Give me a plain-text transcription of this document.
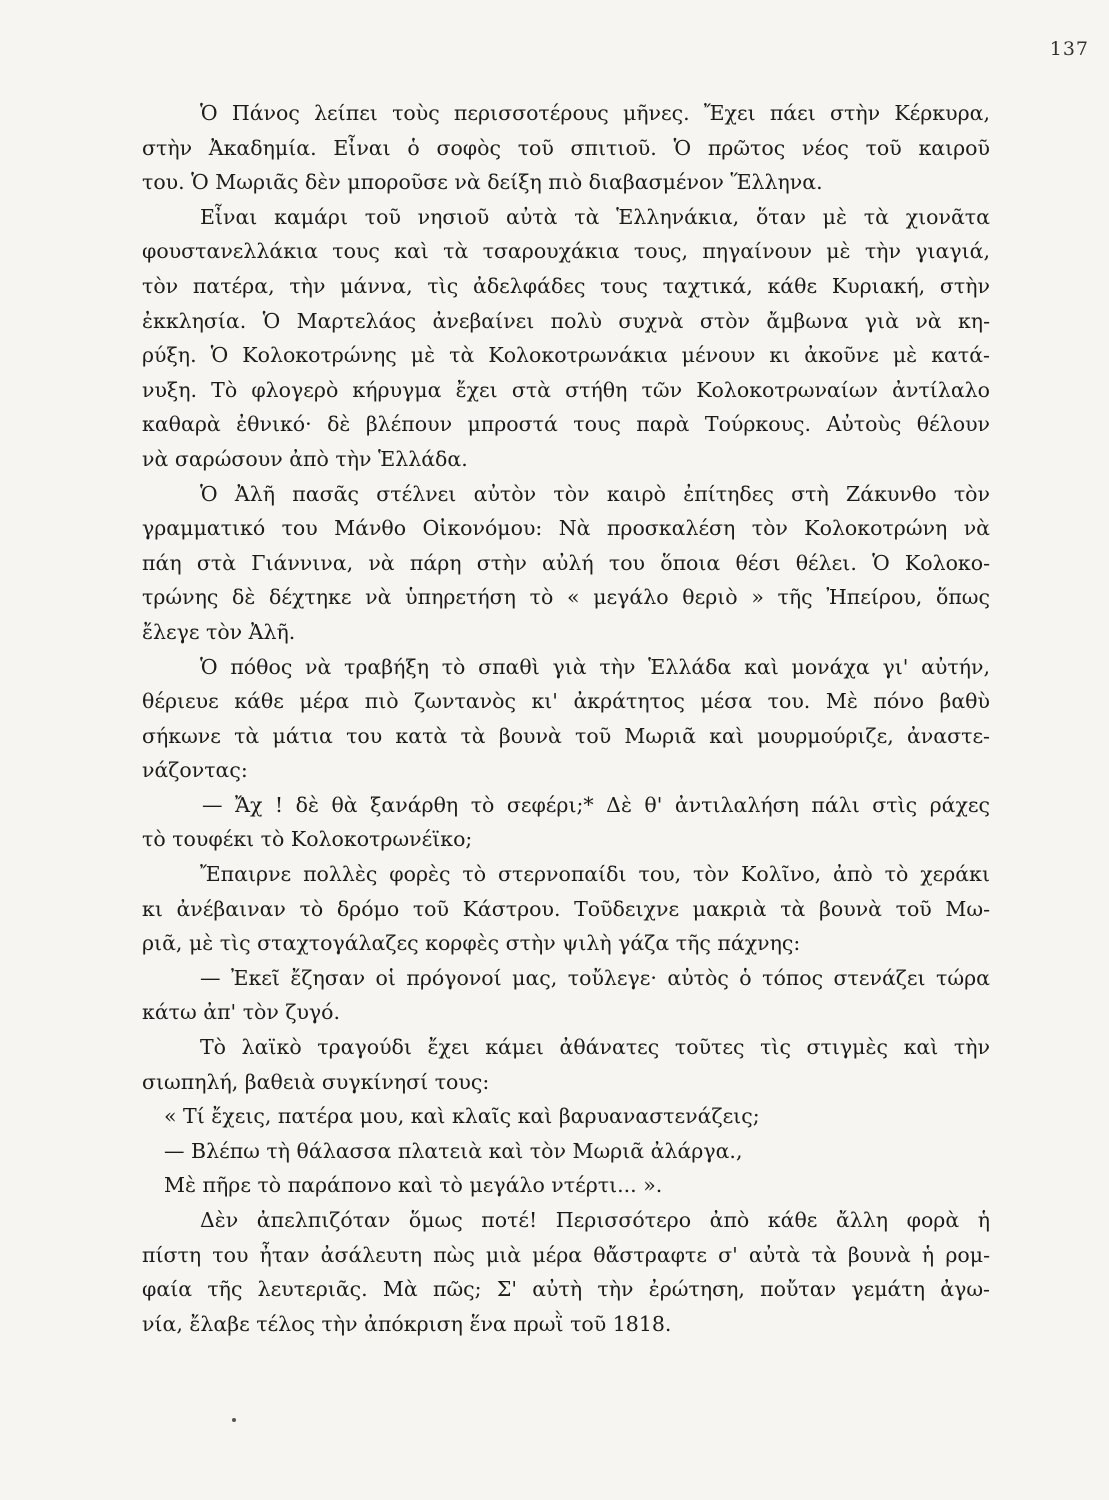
137
Ὁ Πάνος λείπει τοὺς περισσοτέρους μῆνες. Ἔχει πάει στὴν Κέρκυρα,
στὴν Ἀκαδημία. Εἶναι ὁ σοφὸς τοῦ σπιτιοῦ. Ὁ πρῶτος νέος τοῦ καιροῦ
του. Ὁ Μωριᾶς δὲν μποροῦσε νὰ δείξη πιὸ διαβασμένον Ἕλληνα.
Εἶναι καμάρι τοῦ νησιοῦ αὐτὰ τὰ Ἑλληνάκια, ὅταν μὲ τὰ χιονᾶτα
φουστανελλάκια τους καὶ τὰ τσαρουχάκια τους, πηγαίνουν μὲ τὴν γιαγιά,
τὸν πατέρα, τὴν μάννα, τὶς ἀδελφάδες τους ταχτικά, κάθε Κυριακή, στὴν
ἐκκλησία. Ὁ Μαρτελάος ἀνεβαίνει πολὺ συχνὰ στὸν ἄμβωνα γιὰ νὰ κη-
ρύξη. Ὁ Κολοκοτρώνης μὲ τὰ Κολοκοτρωνάκια μένουν κι ἀκοῦνε μὲ κατά-
νυξη. Τὸ φλογερὸ κήρυγμα ἔχει στὰ στήθη τῶν Κολοκοτρωναίων ἀντίλαλο
καθαρὰ ἐθνικό· δὲ βλέπουν μπροστά τους παρὰ Τούρκους. Αὐτοὺς θέλουν
νὰ σαρώσουν ἀπὸ τὴν Ἑλλάδα.
Ὁ Ἀλῆ πασᾶς στέλνει αὐτὸν τὸν καιρὸ ἐπίτηδες στὴ Ζάκυνθο τὸν
γραμματικό του Μάνθο Οἰκονόμου: Νὰ προσκαλέση τὸν Κολοκοτρώνη νὰ
πάη στὰ Γιάννινα, νὰ πάρη στὴν αὐλή του ὅποια θέσι θέλει. Ὁ Κολοκο-
τρώνης δὲ δέχτηκε νὰ ὑπηρετήση τὸ « μεγάλο θεριὸ » τῆς Ἠπείρου, ὅπως
ἔλεγε τὸν Ἀλῆ.
Ὁ πόθος νὰ τραβήξη τὸ σπαθὶ γιὰ τὴν Ἑλλάδα καὶ μονάχα γι' αὐτήν,
θέριευε κάθε μέρα πιὸ ζωντανὸς κι' ἀκράτητος μέσα του. Μὲ πόνο βαθὺ
σήκωνε τὰ μάτια του κατὰ τὰ βουνὰ τοῦ Μωριᾶ καὶ μουρμούριζε, ἀναστε-
νάζοντας:
— Ἄχ ! δὲ θὰ ξανάρθη τὸ σεφέρι;* Δὲ θ' ἀντιλαλήση πάλι στὶς ράχες
τὸ τουφέκι τὸ Κολοκοτρωνέϊκο;
Ἔπαιρνε πολλὲς φορὲς τὸ στερνοπαίδι του, τὸν Κολῖνο, ἀπὸ τὸ χεράκι
κι ἀνέβαιναν τὸ δρόμο τοῦ Κάστρου. Τοῦδειχνε μακριὰ τὰ βουνὰ τοῦ Μω-
ριᾶ, μὲ τὶς σταχτογάλαζες κορφὲς στὴν ψιλὴ γάζα τῆς πάχνης:
— Ἐκεῖ ἔζησαν οἱ πρόγονοί μας, τοὔλεγε· αὐτὸς ὁ τόπος στενάζει τώρα
κάτω ἀπ' τὸν ζυγό.
Τὸ λαϊκὸ τραγούδι ἔχει κάμει ἀθάνατες τοῦτες τὶς στιγμὲς καὶ τὴν
σιωπηλή, βαθειὰ συγκίνησί τους:
« Τί ἔχεις, πατέρα μου, καὶ κλαῖς καὶ βαρυαναστενάζεις;
— Βλέπω τὴ θάλασσα πλατειὰ καὶ τὸν Μωριᾶ ἀλάργα.,
Μὲ πῆρε τὸ παράπονο καὶ τὸ μεγάλο ντέρτι... ».
Δὲν ἀπελπιζόταν ὅμως ποτέ! Περισσότερο ἀπὸ κάθε ἄλλη φορὰ ἡ
πίστη του ἦταν ἀσάλευτη πὼς μιὰ μέρα θἄστραφτε σ' αὐτὰ τὰ βουνὰ ἡ ρομ-
φαία τῆς λευτεριᾶς. Μὰ πῶς; Σ' αὐτὴ τὴν ἐρώτηση, ποὔταν γεμάτη ἀγω-
νία, ἔλαβε τέλος τὴν ἀπόκριση ἕνα πρωῒ τοῦ 1818.
